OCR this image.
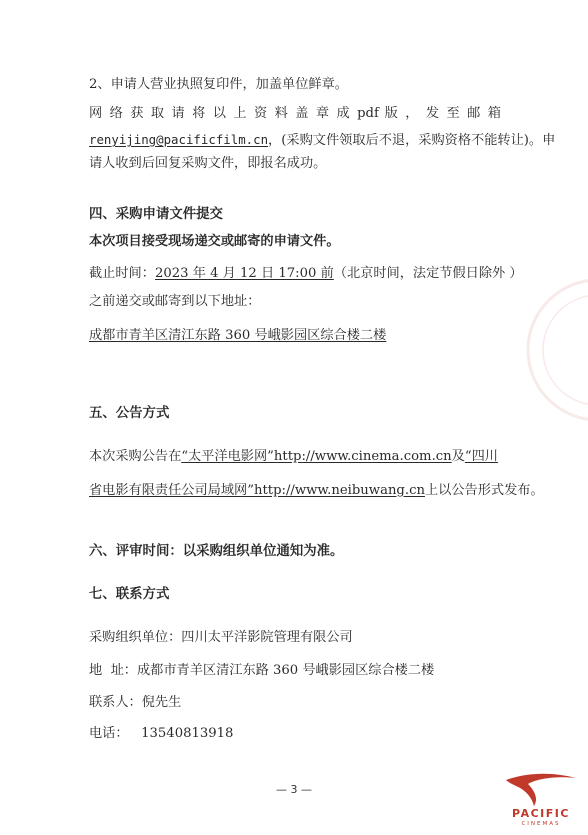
2、申请人营业执照复印件，加盖单位鲜章。
网 络 获 取 请 将 以 上 资 料 盖 章 成 pdf 版 ， 发 至 邮 箱
renyijing@pacificfilm.cn，(采购文件领取后不退，采购资格不能转让)。申
请人收到后回复采购文件，即报名成功。
四、采购申请文件提交
本次项目接受现场递交或邮寄的申请文件。
截止时间：2023 年 4 月 12 日 17:00 前（北京时间，法定节假日除外 ）
之前递交或邮寄到以下地址：
成都市青羊区清江东路 360 号峨影园区综合楼二楼
五、公告方式
本次采购公告在“太平洋电影网”http://www.cinema.com.cn及“四川
省电影有限责任公司局域网”http://www.neibuwang.cn上以公告形式发布。
六、评审时间：以采购组织单位通知为准。
七、联系方式
采购组织单位：四川太平洋影院管理有限公司
地  址：成都市青羊区清江东路 360 号峨影园区综合楼二楼
联系人：倪先生
电话：   13540813918
— 3 —
PACIFIC
CINEMAS
